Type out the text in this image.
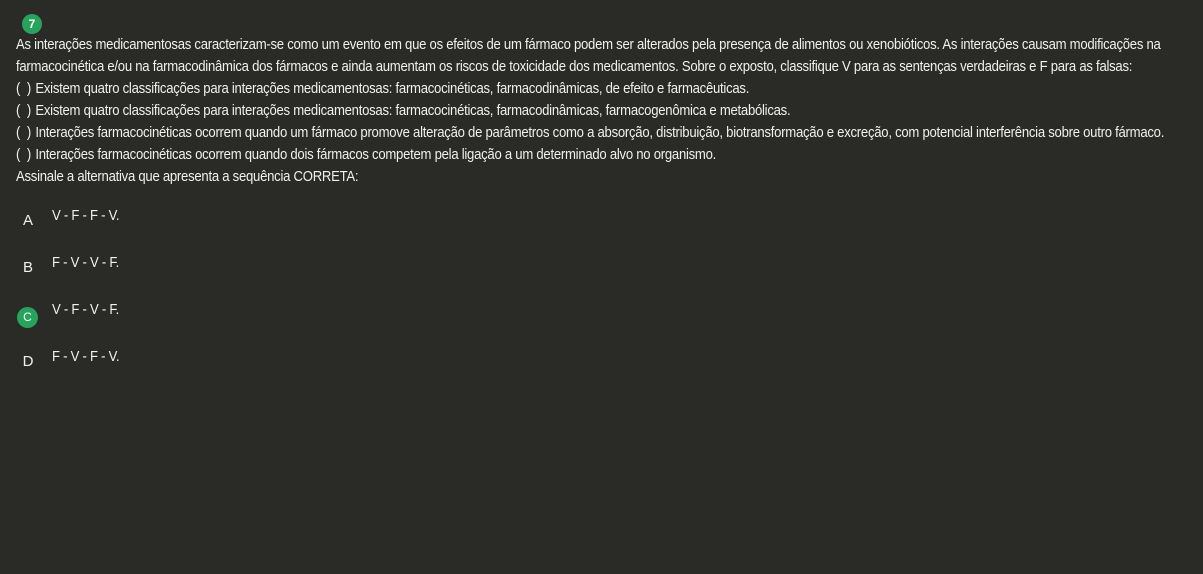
7

As interações medicamentosas caracterizam-se como um evento em que os efeitos de um fármaco podem ser alterados pela presença de alimentos ou xenobióticos. As interações causam modificações na farmacocinética e/ou na farmacodinâmica dos fármacos e ainda aumentam os riscos de toxicidade dos medicamentos. Sobre o exposto, classifique V para as sentenças verdadeiras e F para as falsas:

(  ) Existem quatro classificações para interações medicamentosas: farmacocinéticas, farmacodinâmicas, de efeito e farmacêuticas.

(  ) Existem quatro classificações para interações medicamentosas: farmacocinéticas, farmacodinâmicas, farmacogenômica e metabólicas.

(  ) Interações farmacocinéticas ocorrem quando um fármaco promove alteração de parâmetros como a absorção, distribuição, biotransformação e excreção, com potencial interferência sobre outro fármaco.

(  ) Interações farmacocinéticas ocorrem quando dois fármacos competem pela ligação a um determinado alvo no organismo.

Assinale a alternativa que apresenta a sequência CORRETA:

A	V - F - F - V.
B	F - V - V - F.
C	V - F - V - F.
D	F - V - F - V.
